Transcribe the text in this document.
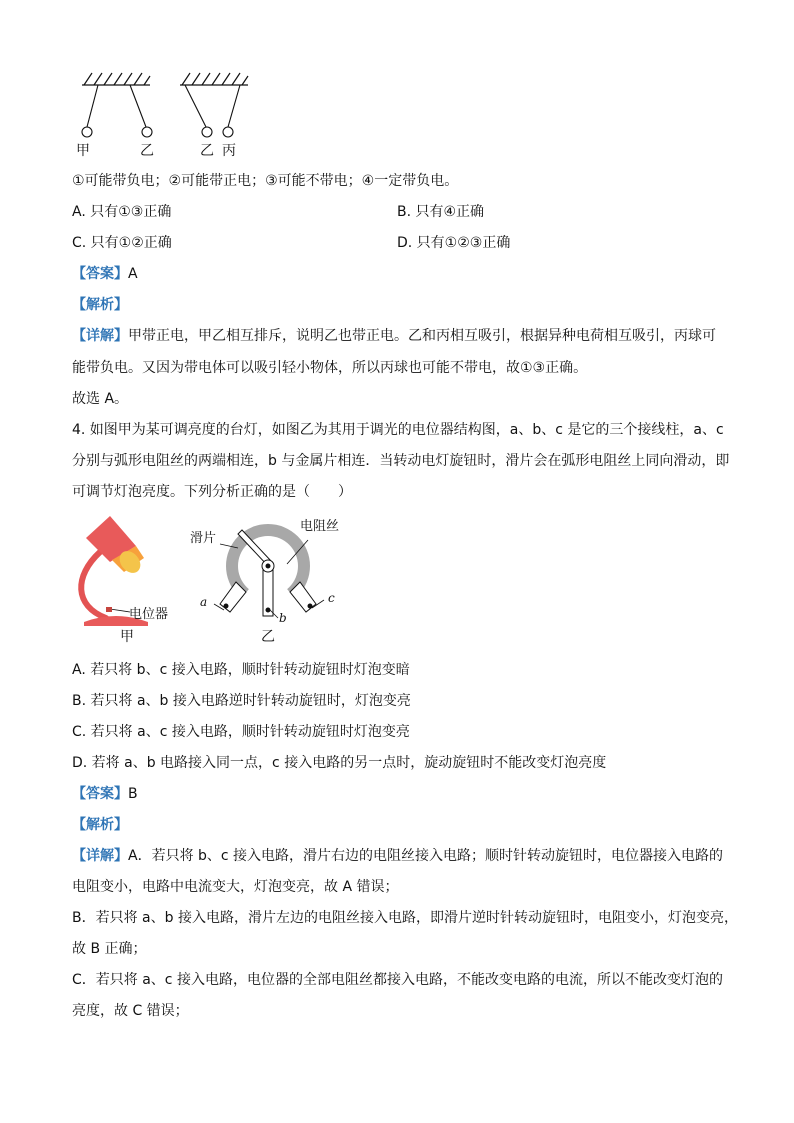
甲	乙	乙 丙
①可能带负电；②可能带正电；③可能不带电；④一定带负电。
A. 只有①③正确	B. 只有④正确
C. 只有①②正确	D. 只有①②③正确
【答案】A
【解析】
【详解】甲带正电，甲乙相互排斥，说明乙也带正电。乙和丙相互吸引，根据异种电荷相互吸引，丙球可
能带负电。又因为带电体可以吸引轻小物体，所以丙球也可能不带电，故①③正确。
故选 A。
4. 如图甲为某可调亮度的台灯，如图乙为其用于调光的电位器结构图，a、b、c 是它的三个接线柱，a、c
分别与弧形电阻丝的两端相连，b 与金属片相连．当转动电灯旋钮时，滑片会在弧形电阻丝上同向滑动，即
可调节灯泡亮度。下列分析正确的是（　　）
电位器
甲
电阻丝
滑片
a	c
b
乙
A. 若只将 b、c 接入电路，顺时针转动旋钮时灯泡变暗
B. 若只将 a、b 接入电路逆时针转动旋钮时，灯泡变亮
C. 若只将 a、c 接入电路，顺时针转动旋钮时灯泡变亮
D. 若将 a、b 电路接入同一点，c 接入电路的另一点时，旋动旋钮时不能改变灯泡亮度
【答案】B
【解析】
【详解】A．若只将 b、c 接入电路，滑片右边的电阻丝接入电路；顺时针转动旋钮时，电位器接入电路的
电阻变小，电路中电流变大，灯泡变亮，故 A 错误；
B．若只将 a、b 接入电路，滑片左边的电阻丝接入电路，即滑片逆时针转动旋钮时，电阻变小，灯泡变亮，
故 B 正确；
C．若只将 a、c 接入电路，电位器的全部电阻丝都接入电路，不能改变电路的电流，所以不能改变灯泡的
亮度，故 C 错误；
